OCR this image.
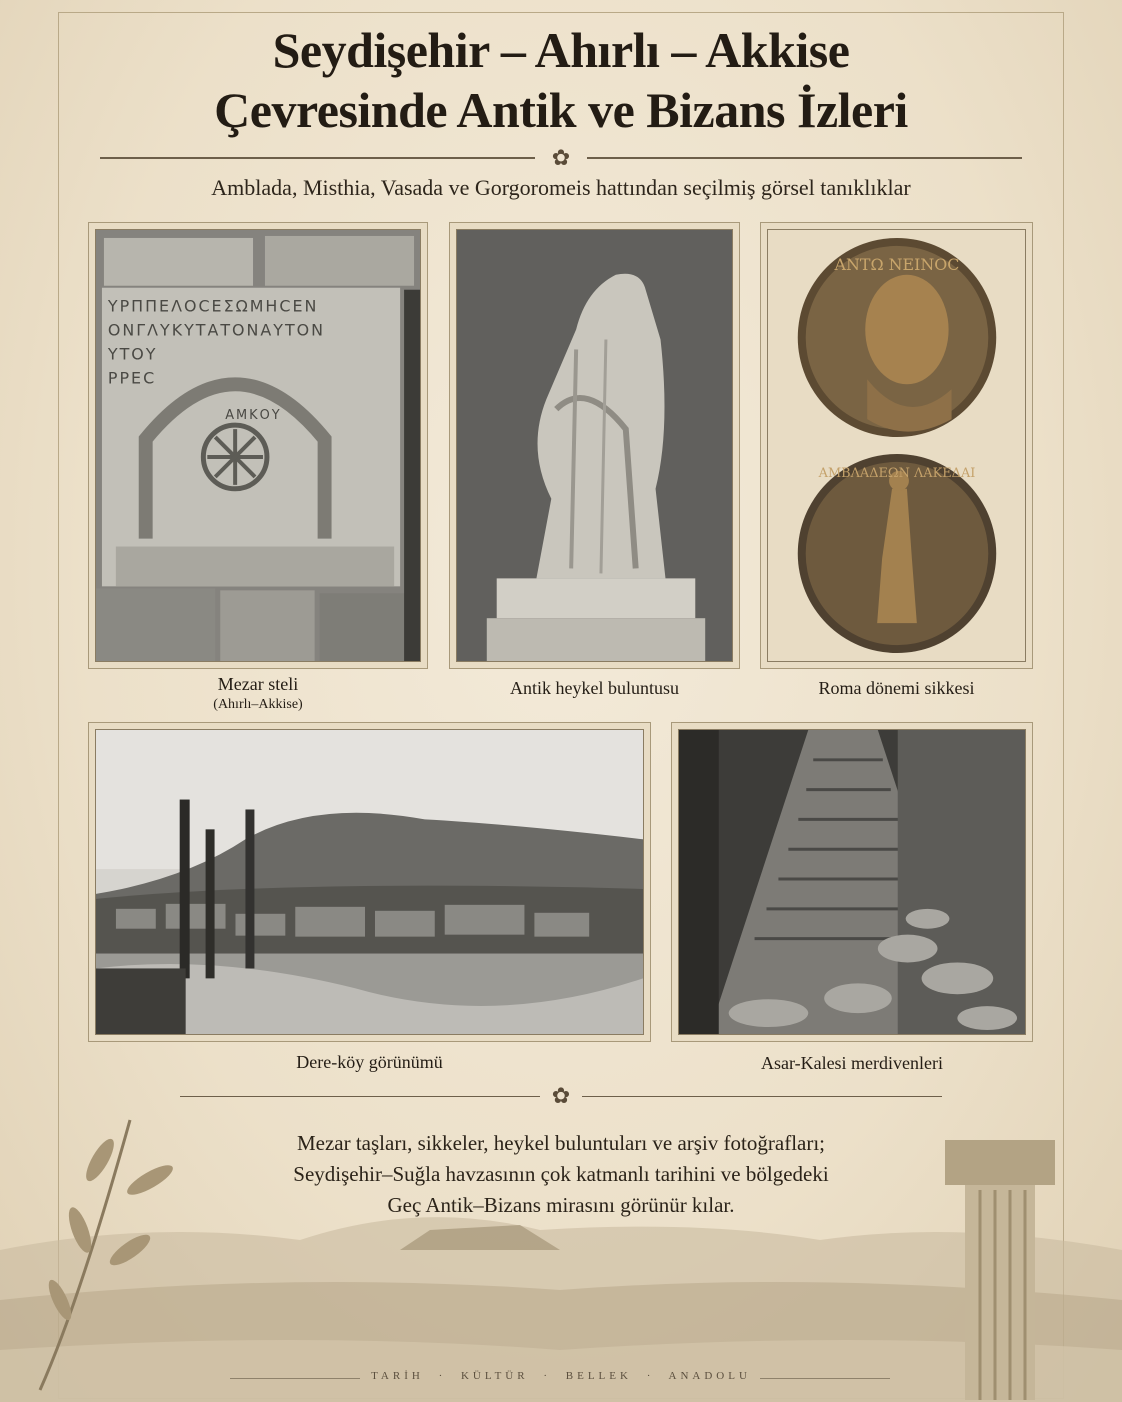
Seydişehir – Ahırlı – Akkise
Çevresinde Antik ve Bizans İzleri
✿
Amblada, Misthia, Vasada ve Gorgoromeis hattından seçilmiş görsel tanıklıklar
ΥΡΠΠΕΛΟCΕΣΩΜΗCΕΝ
ΟΝΓΛΥΚΥΤΑΤΟΝΑΥΤΟΝ
ΥΤΟΥ
ΡΡΕC
ΑΜΚΟΥ
Mezar steli
(Ahırlı–Akkise)
Antik heykel buluntusu
ΑΝΤΩ ΝΕΙΝΟC
ΑΜΒΛΑΔΕΩΝ ΛΑΚΕΔΑΙ
Roma dönemi sikkesi
Dere-köy görünümü	Asar-Kalesi merdivenleri
✿
Mezar taşları, sikkeler, heykel buluntuları ve arşiv fotoğrafları;
Seydişehir–Suğla havzasının çok katmanlı tarihini ve bölgedeki
Geç Antik–Bizans mirasını görünür kılar.
TARİH · KÜLTÜR · BELLEK · ANADOLU
